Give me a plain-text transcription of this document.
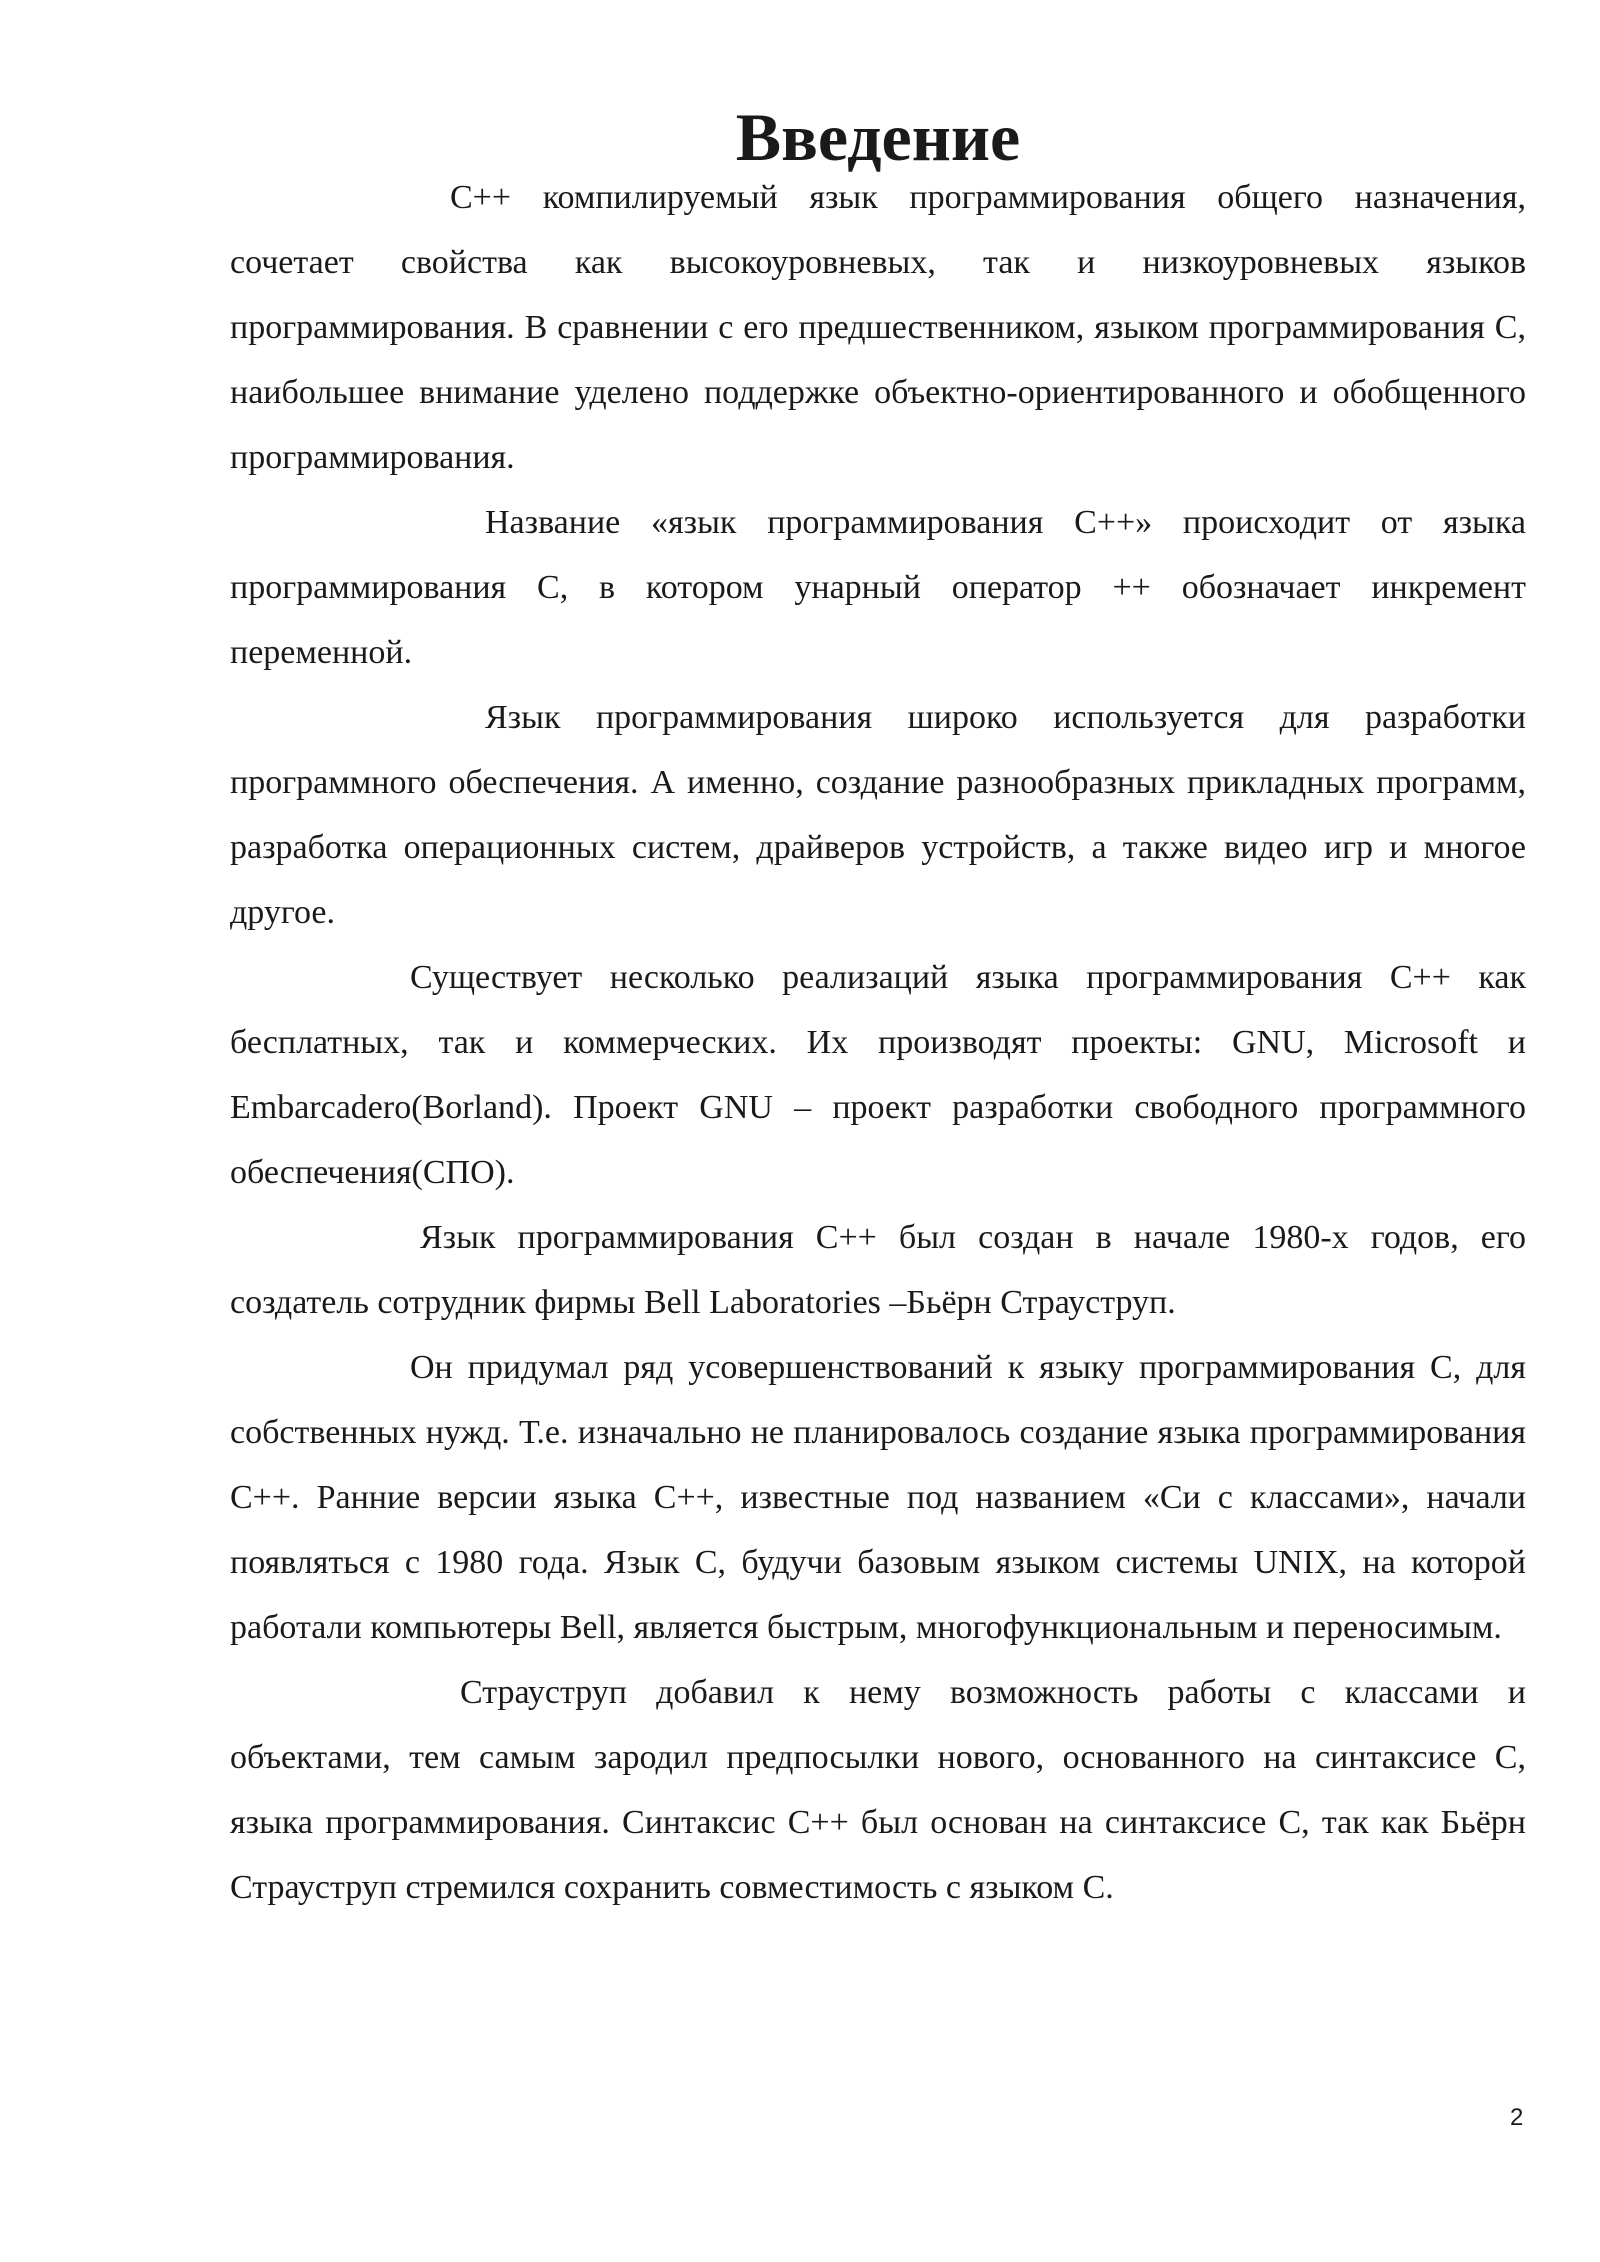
Введение

С++ компилируемый язык программирования общего назначения, сочетает свойства как высокоуровневых, так и низкоуровневых языков программирования. В сравнении с его предшественником, языком программирования С, наибольшее внимание уделено поддержке объектно-ориентированного и обобщенного программирования.

Название «язык программирования С++» происходит от языка программирования С, в котором унарный оператор ++ обозначает инкремент переменной.

Язык программирования широко используется для разработки программного обеспечения. А именно, создание разнообразных прикладных программ, разработка операционных систем, драйверов устройств, а также видео игр и многое другое.

Существует несколько реализаций языка программирования С++ как бесплатных, так и коммерческих. Их производят проекты: GNU, Microsoft и Embarcadero(Borland). Проект GNU – проект разработки свободного программного обеспечения(СПО).

Язык программирования С++ был создан в начале 1980-х годов, его создатель сотрудник фирмы Bell Laboratories –Бьёрн Страуструп.

Он придумал ряд усовершенствований к языку программирования С, для собственных нужд. Т.е. изначально не планировалось создание языка программирования С++. Ранние версии языка С++, известные под названием «Си с классами», начали появляться с 1980 года. Язык С, будучи базовым языком системы UNIX, на которой работали компьютеры Bell, является быстрым, многофункциональным и переносимым.

Страуструп добавил к нему возможность работы с классами и объектами, тем самым зародил предпосылки нового, основанного на синтаксисе С, языка программирования. Синтаксис С++ был основан на синтаксисе С, так как Бьёрн Страуструп стремился сохранить совместимость с языком С.

2
